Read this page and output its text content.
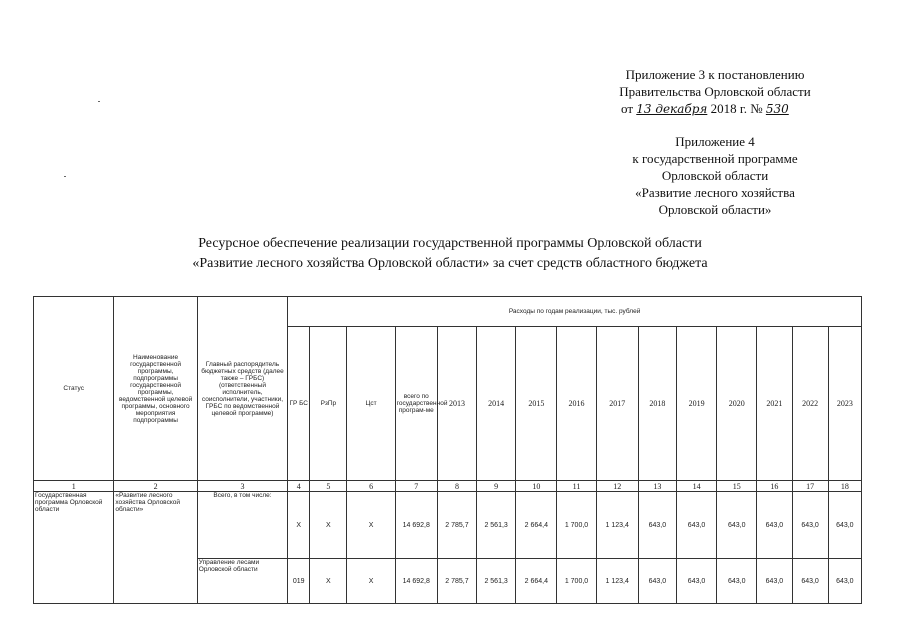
Приложение 3 к постановлению
Правительства Орловской области
от 13 декабря 2018 г. № 530
Приложение 4
к государственной программе
Орловской области
«Развитие лесного хозяйства
Орловской области»
Ресурсное обеспечение реализации государственной программы Орловской области
«Развитие лесного хозяйства Орловской области» за счет средств областного бюджета
Статус	Наименование государственной программы, подпрограммы государственной программы, ведомственной целевой программы, основного мероприятия подпрограммы	Главный распорядитель бюджетных средств (далее также – ГРБС) (ответственный исполнитель, соисполнители, участники, ГРБС по ведомственной целевой программе)	Расходы по годам реализации, тыс. рублей														
			ГР БС	РзПр	Цст	всего по государственной програм-ме	2013	2014	2015	2016	2017	2018	2019	2020	2021	2022	2023
1	2	3	4	5	6	7	8	9	10	11	12	13	14	15	16	17	18
Государственная программа Орловской области	«Развитие лесного хозяйства Орловской области»	Всего, в том числе:	X	X	X	14 692,8	2 785,7	2 561,3	2 664,4	1 700,0	1 123,4	643,0	643,0	643,0	643,0	643,0	643,0
		Управление лесами Орловской области	019	X	X	14 692,8	2 785,7	2 561,3	2 664,4	1 700,0	1 123,4	643,0	643,0	643,0	643,0	643,0	643,0
